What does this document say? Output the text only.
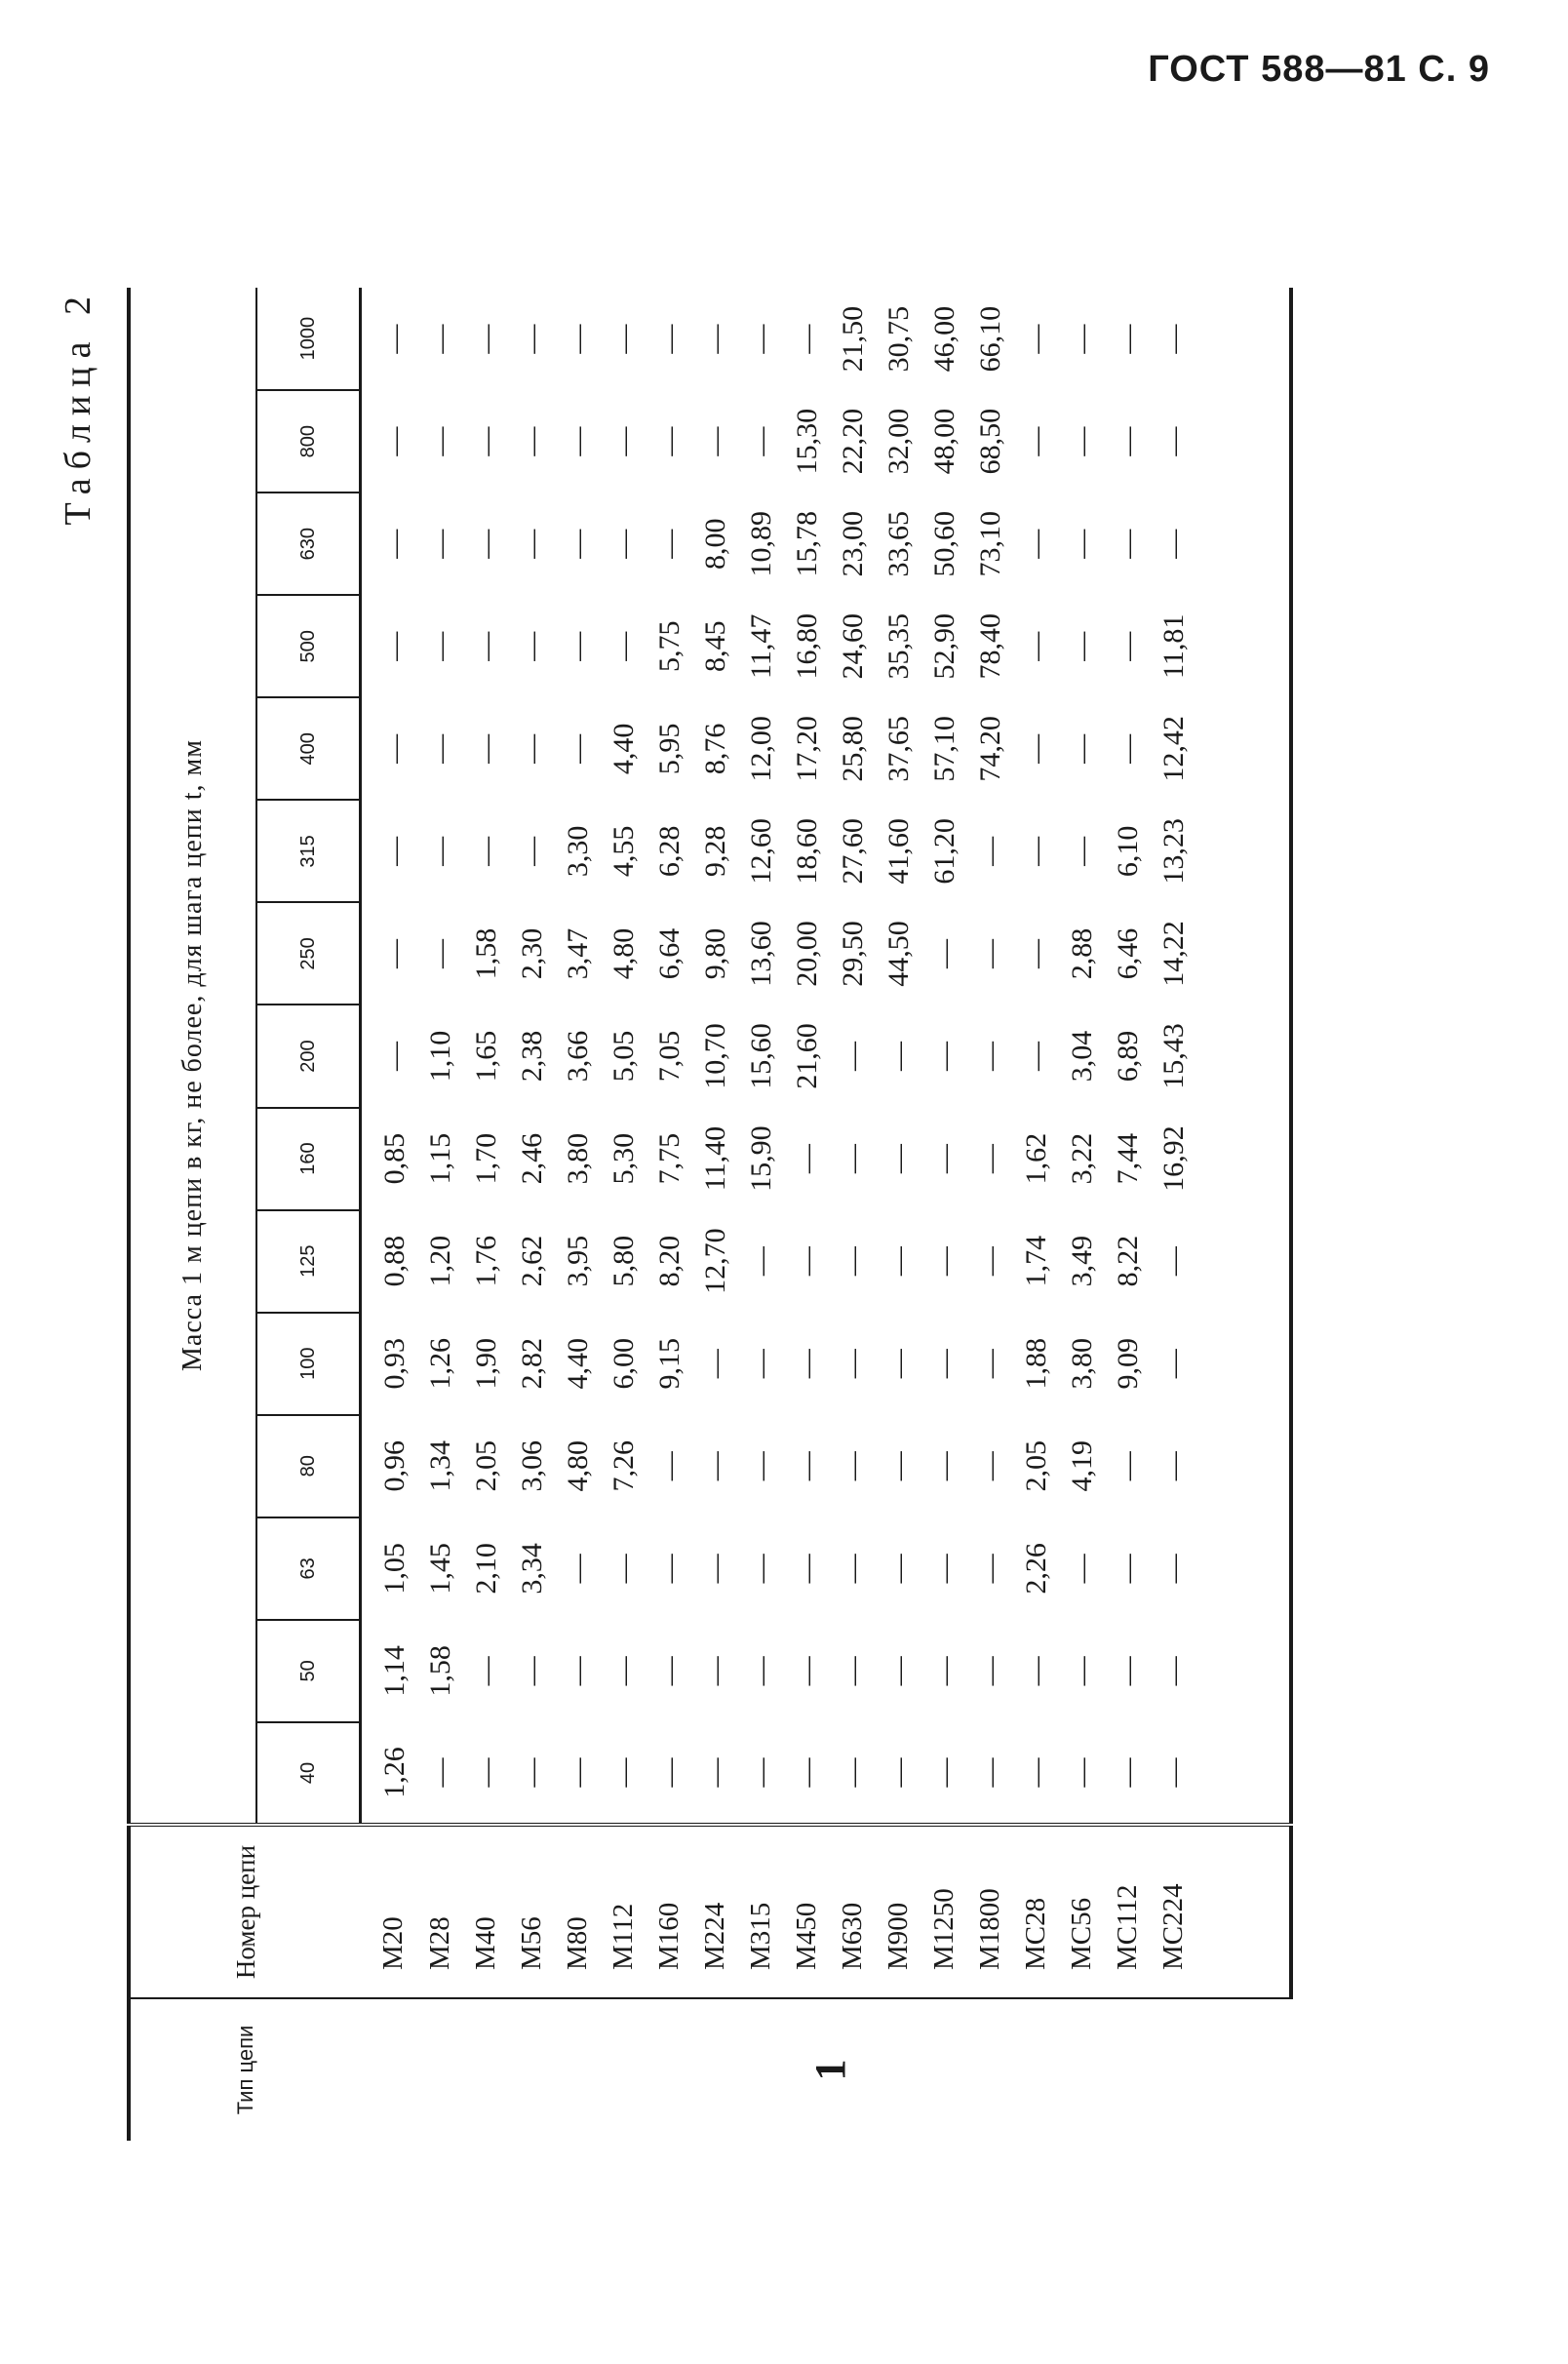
ГОСТ 588—81 С. 9
Таблица 2
Тип цепи	Номер цепи	Масса 1 м цепи в кг, не более, для шага цепи t, мм														
		40	50	63	80	100	125	160	200	250	315	400	500	630	800	1000
1	М20	1,26	1,14	1,05	0,96	0,93	0,88	0,85	—	—	—	—	—	—	—	—
	М28	—	1,58	1,45	1,34	1,26	1,20	1,15	1,10	—	—	—	—	—	—	—
	М40	—	—	2,10	2,05	1,90	1,76	1,70	1,65	1,58	—	—	—	—	—	—
	М56	—	—	3,34	3,06	2,82	2,62	2,46	2,38	2,30	—	—	—	—	—	—
	М80	—	—	—	4,80	4,40	3,95	3,80	3,66	3,47	3,30	—	—	—	—	—
	М112	—	—	—	7,26	6,00	5,80	5,30	5,05	4,80	4,55	4,40	—	—	—	—
	М160	—	—	—	—	9,15	8,20	7,75	7,05	6,64	6,28	5,95	5,75	—	—	—
	М224	—	—	—	—	—	12,70	11,40	10,70	9,80	9,28	8,76	8,45	8,00	—	—
	М315	—	—	—	—	—	—	15,90	15,60	13,60	12,60	12,00	11,47	10,89	—	—
	М450	—	—	—	—	—	—	—	21,60	20,00	18,60	17,20	16,80	15,78	15,30	—
	М630	—	—	—	—	—	—	—	—	29,50	27,60	25,80	24,60	23,00	22,20	21,50
	М900	—	—	—	—	—	—	—	—	44,50	41,60	37,65	35,35	33,65	32,00	30,75
	М1250	—	—	—	—	—	—	—	—	—	61,20	57,10	52,90	50,60	48,00	46,00
	М1800	—	—	—	—	—	—	—	—	—	—	74,20	78,40	73,10	68,50	66,10
	МС28	—	—	2,26	2,05	1,88	1,74	1,62	—	—	—	—	—	—	—	—
	МС56	—	—	—	4,19	3,80	3,49	3,22	3,04	2,88	—	—	—	—	—	—
	МС112	—	—	—	—	9,09	8,22	7,44	6,89	6,46	6,10	—	—	—	—	—
	МС224	—	—	—	—	—	—	16,92	15,43	14,22	13,23	12,42	11,81	—	—	—
